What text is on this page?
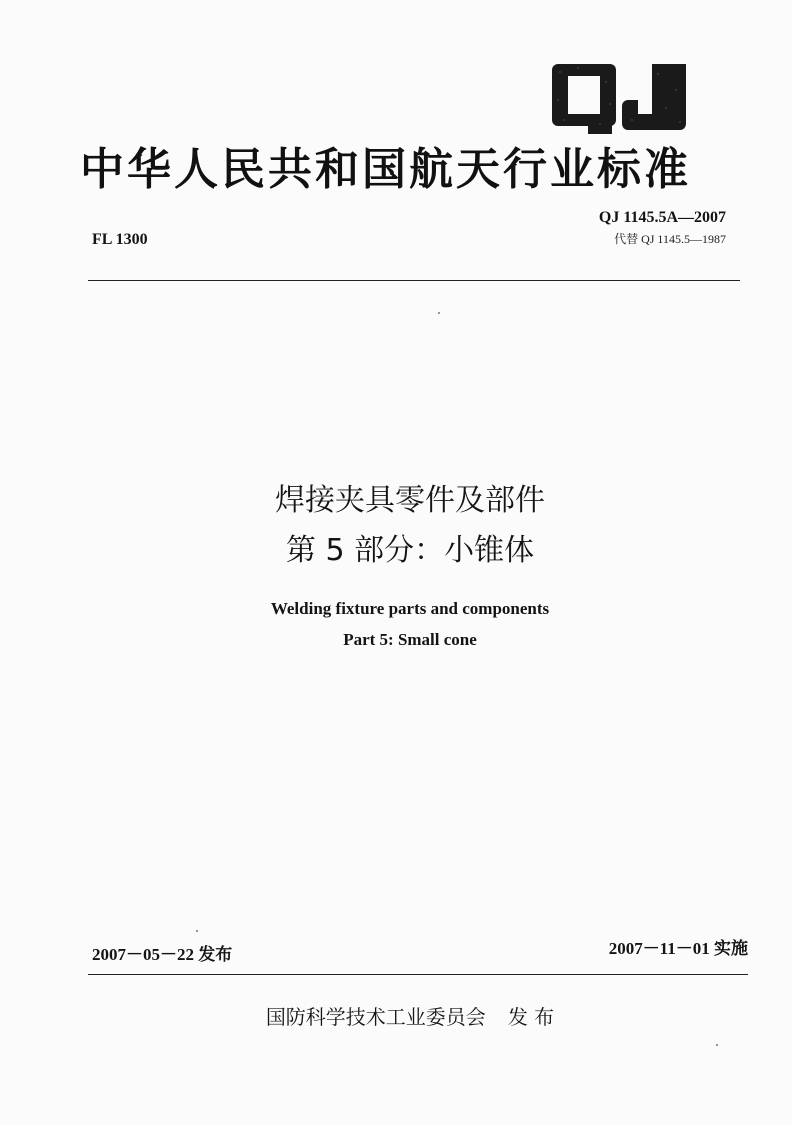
中华人民共和国航天行业标准
FL 1300
QJ 1145.5A—2007
代替 QJ 1145.5—1987
焊接夹具零件及部件
第 5 部分：小锥体
Welding fixture parts and components
Part 5: Small cone
2007－05－22 发布	2007－11－01 实施
国防科学技术工业委员会 发 布
